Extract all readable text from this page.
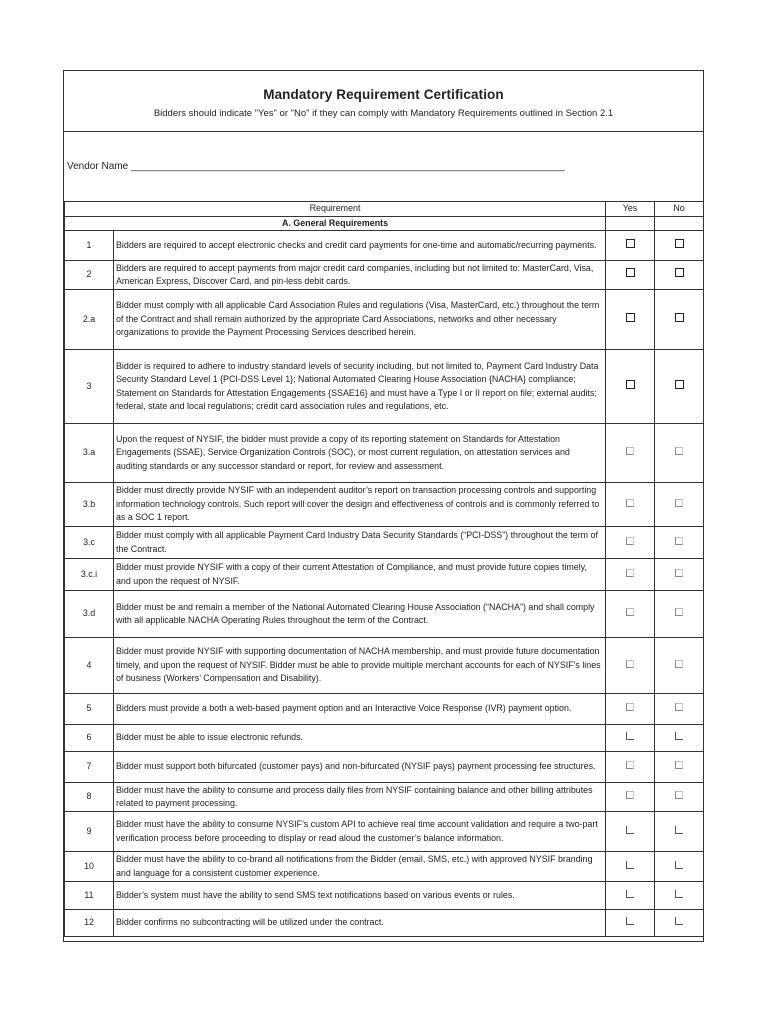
Mandatory Requirement Certification
Bidders should indicate "Yes" or "No" if they can comply with Mandatory Requirements outlined in Section 2.1
Vendor Name ______________________________________________________________________________
Requirement		Yes	No
A. General Requirements			
1	Bidders are required to accept electronic checks and credit card payments for one-time and automatic/recurring payments.		
2	Bidders are required to accept payments from major credit card companies, including but not limited to: MasterCard, Visa, American Express, Discover Card, and pin-less debit cards.		
2.a	Bidder must comply with all applicable Card Association Rules and regulations (Visa, MasterCard, etc.) throughout the term of the Contract and shall remain authorized by the appropriate Card Associations, networks and other necessary organizations to provide the Payment Processing Services described herein.		
3	Bidder is required to adhere to industry standard levels of security including, but not limited to, Payment Card Industry Data Security Standard Level 1 {PCI-DSS Level 1}; National Automated Clearing House Association {NACHA} compliance; Statement on Standards for Attestation Engagements {SSAE16} and must have a Type I or II report on file; external audits; federal, state and local regulations; credit card association rules and regulations, etc.		
3.a	Upon the request of NYSIF, the bidder must provide a copy of its reporting statement on Standards for Attestation Engagements (SSAE), Service Organization Controls (SOC), or most current regulation, on attestation services and auditing standards or any successor standard or report, for review and assessment.		
3.b	Bidder must directly provide NYSIF with an independent auditor’s report on transaction processing controls and supporting information technology controls. Such report will cover the design and effectiveness of controls and is commonly referred to as a SOC 1 report.		
3.c	Bidder must comply with all applicable Payment Card Industry Data Security Standards (“PCI-DSS”) throughout the term of the Contract.		
3.c.i	Bidder must provide NYSIF with a copy of their current Attestation of Compliance, and must provide future copies timely, and upon the request of NYSIF.		
3.d	Bidder must be and remain a member of the National Automated Clearing House Association (“NACHA”) and shall comply with all applicable NACHA Operating Rules throughout the term of the Contract.		
4	Bidder must provide NYSIF with supporting documentation of NACHA membership, and must provide future documentation timely, and upon the request of NYSIF. Bidder must be able to provide multiple merchant accounts for each of NYSIF’s lines of business (Workers’ Compensation and Disability).		
5	Bidders must provide a both a web-based payment option and an Interactive Voice Response (IVR) payment option.		
6	Bidder must be able to issue electronic refunds.		
7	Bidder must support both bifurcated (customer pays) and non-bifurcated (NYSIF pays) payment processing fee structures.		
8	Bidder must have the ability to consume and process daily files from NYSIF containing balance and other billing attributes related to payment processing.		
9	Bidder must have the ability to consume NYSIF’s custom API to achieve real time account validation and require a two-part verification process before proceeding to display or read aloud the customer’s balance information.		
10	Bidder must have the ability to co-brand all notifications from the Bidder (email, SMS, etc.) with approved NYSIF branding and language for a consistent customer experience.		
11	Bidder’s system must have the ability to send SMS text notifications based on various events or rules.		
12	Bidder confirms no subcontracting will be utilized under the contract.		
